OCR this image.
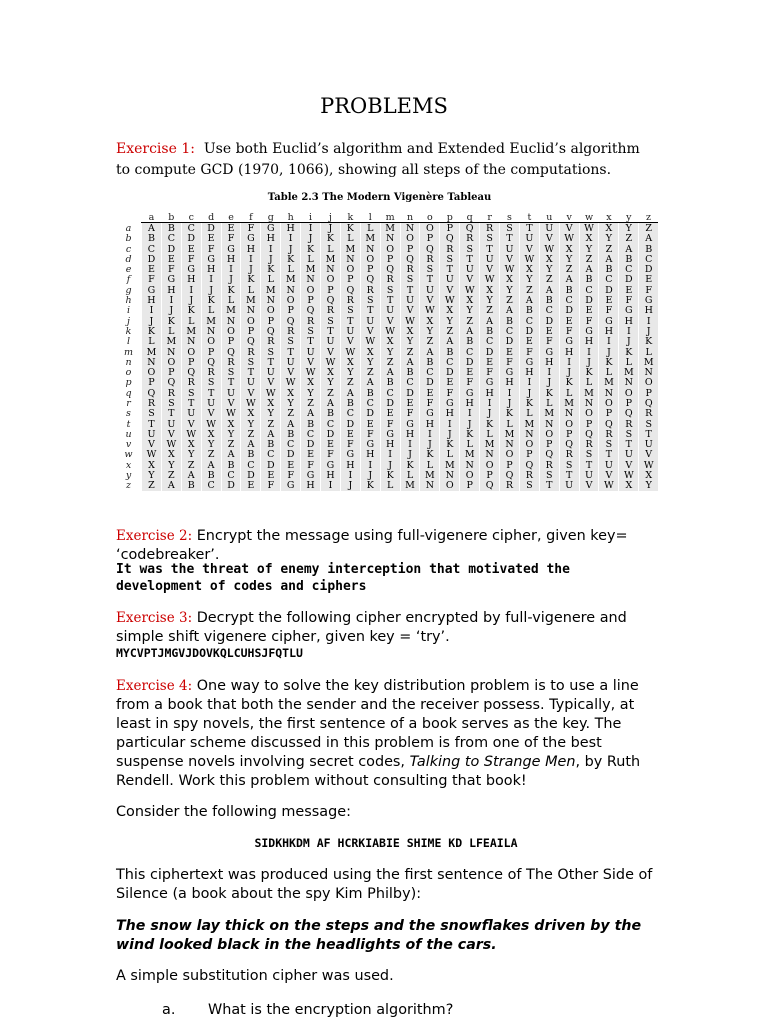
PROBLEMS
Exercise 1: Use both Euclid’s algorithm and Extended Euclid’s algorithm to compute GCD (1970, 1066), showing all steps of the computations.
Table 2.3 The Modern Vigenère Tableau
	a	b	c	d	e	f	g	h	i	j	k	l	m	n	o	p	q	r	s	t	u	v	w	x	y	z
a	A	B	C	D	E	F	G	H	I	J	K	L	M	N	O	P	Q	R	S	T	U	V	W	X	Y	Z
b	B	C	D	E	F	G	H	I	J	K	L	M	N	O	P	Q	R	S	T	U	V	W	X	Y	Z	A
c	C	D	E	F	G	H	I	J	K	L	M	N	O	P	Q	R	S	T	U	V	W	X	Y	Z	A	B
d	D	E	F	G	H	I	J	K	L	M	N	O	P	Q	R	S	T	U	V	W	X	Y	Z	A	B	C
e	E	F	G	H	I	J	K	L	M	N	O	P	Q	R	S	T	U	V	W	X	Y	Z	A	B	C	D
f	F	G	H	I	J	K	L	M	N	O	P	Q	R	S	T	U	V	W	X	Y	Z	A	B	C	D	E
g	G	H	I	J	K	L	M	N	O	P	Q	R	S	T	U	V	W	X	Y	Z	A	B	C	D	E	F
h	H	I	J	K	L	M	N	O	P	Q	R	S	T	U	V	W	X	Y	Z	A	B	C	D	E	F	G
i	I	J	K	L	M	N	O	P	Q	R	S	T	U	V	W	X	Y	Z	A	B	C	D	E	F	G	H
j	J	K	L	M	N	O	P	Q	R	S	T	U	V	W	X	Y	Z	A	B	C	D	E	F	G	H	I
k	K	L	M	N	O	P	Q	R	S	T	U	V	W	X	Y	Z	A	B	C	D	E	F	G	H	I	J
l	L	M	N	O	P	Q	R	S	T	U	V	W	X	Y	Z	A	B	C	D	E	F	G	H	I	J	K
m	M	N	O	P	Q	R	S	T	U	V	W	X	Y	Z	A	B	C	D	E	F	G	H	I	J	K	L
n	N	O	P	Q	R	S	T	U	V	W	X	Y	Z	A	B	C	D	E	F	G	H	I	J	K	L	M
o	O	P	Q	R	S	T	U	V	W	X	Y	Z	A	B	C	D	E	F	G	H	I	J	K	L	M	N
p	P	Q	R	S	T	U	V	W	X	Y	Z	A	B	C	D	E	F	G	H	I	J	K	L	M	N	O
q	Q	R	S	T	U	V	W	X	Y	Z	A	B	C	D	E	F	G	H	I	J	K	L	M	N	O	P
r	R	S	T	U	V	W	X	Y	Z	A	B	C	D	E	F	G	H	I	J	K	L	M	N	O	P	Q
s	S	T	U	V	W	X	Y	Z	A	B	C	D	E	F	G	H	I	J	K	L	M	N	O	P	Q	R
t	T	U	V	W	X	Y	Z	A	B	C	D	E	F	G	H	I	J	K	L	M	N	O	P	Q	R	S
u	U	V	W	X	Y	Z	A	B	C	D	E	F	G	H	I	J	K	L	M	N	O	P	Q	R	S	T
v	V	W	X	Y	Z	A	B	C	D	E	F	G	H	I	J	K	L	M	N	O	P	Q	R	S	T	U
w	W	X	Y	Z	A	B	C	D	E	F	G	H	I	J	K	L	M	N	O	P	Q	R	S	T	U	V
x	X	Y	Z	A	B	C	D	E	F	G	H	I	J	K	L	M	N	O	P	Q	R	S	T	U	V	W
y	Y	Z	A	B	C	D	E	F	G	H	I	J	K	L	M	N	O	P	Q	R	S	T	U	V	W	X
z	Z	A	B	C	D	E	F	G	H	I	J	K	L	M	N	O	P	Q	R	S	T	U	V	W	X	Y
Exercise 2: Encrypt the message using full-vigenere cipher, given key= ‘codebreaker’.
It was the threat of enemy interception that motivated the development of codes and ciphers
Exercise 3: Decrypt the following cipher encrypted by full-vigenere and simple shift vigenere cipher, given key = ‘try’.
MYCVPTJMGVJDOVKQLCUHSJFQTLU
Exercise 4: One way to solve the key distribution problem is to use a line from a book that both the sender and the receiver possess. Typically, at least in spy novels, the first sentence of a book serves as the key. The particular scheme discussed in this problem is from one of the best suspense novels involving secret codes, Talking to Strange Men, by Ruth Rendell. Work this problem without consulting that book!
Consider the following message:
SIDKHKDM AF HCRKIABIE SHIME KD LFEAILA
This ciphertext was produced using the first sentence of The Other Side of Silence (a book about the spy Kim Philby):
The snow lay thick on the steps and the snowflakes driven by the wind looked black in the headlights of the cars.
A simple substitution cipher was used.
a. What is the encryption algorithm?
